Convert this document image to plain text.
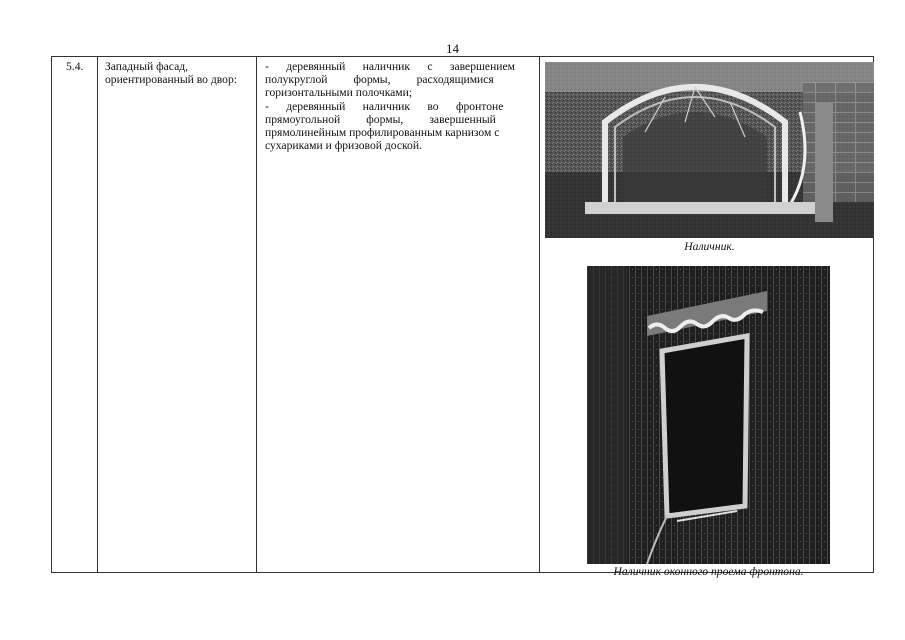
14
5.4. Западный фасад, ориентированный во двор:
-      деревянный      наличник      с      завершением
полукруглой         формы,         расходящимися
горизонтальными полочками;
-      деревянный      наличник      во      фронтоне
прямоугольной         формы,         завершенный
прямолинейным профилированным карнизом с
сухариками и фризовой доской.
Наличник.
Наличник оконного проема фронтона.
